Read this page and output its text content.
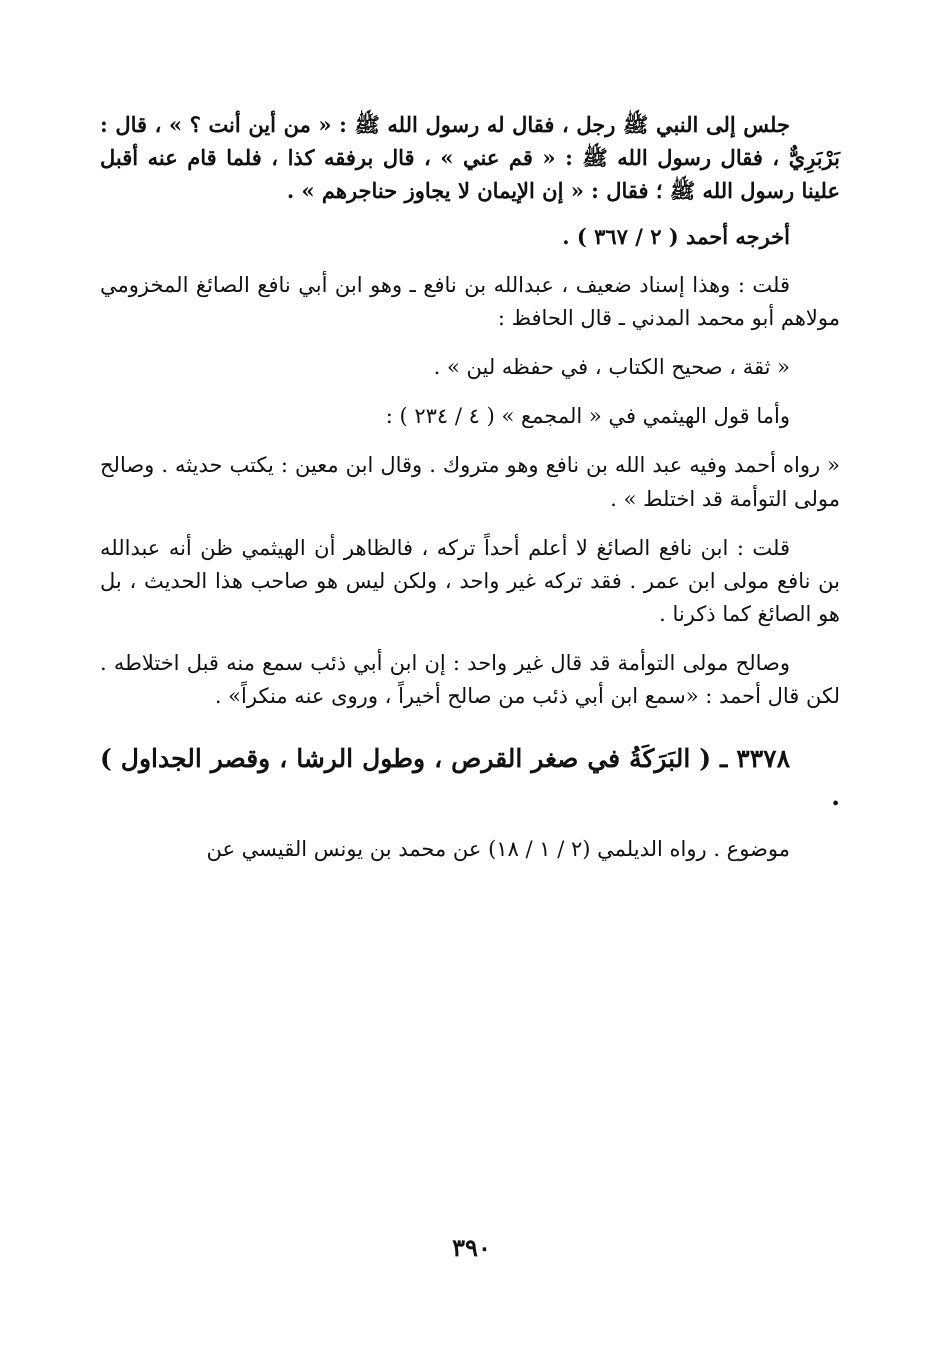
جلس إلى النبي ﷺ رجل ، فقال له رسول الله ﷺ : « من أين أنت ؟ » ، قال : بَرْبَرِيٌّ ، فقال رسول الله ﷺ : « قم عني » ، قال برفقه كذا ، فلما قام عنه أقبل علينا رسول الله ﷺ ؛ فقال : « إن الإيمان لا يجاوز حناجرهم » .

أخرجه أحمد ( ٢ / ٣٦٧ ) .

قلت : وهذا إسناد ضعيف ، عبدالله بن نافع ـ وهو ابن أبي نافع الصائغ المخزومي مولاهم أبو محمد المدني ـ قال الحافظ :

« ثقة ، صحيح الكتاب ، في حفظه لين » .

وأما قول الهيثمي في « المجمع » ( ٤ / ٢٣٤ ) :

« رواه أحمد وفيه عبد الله بن نافع وهو متروك . وقال ابن معين : يكتب حديثه . وصالح مولى التوأمة قد اختلط » .

قلت : ابن نافع الصائغ لا أعلم أحداً تركه ، فالظاهر أن الهيثمي ظن أنه عبدالله بن نافع مولى ابن عمر . فقد تركه غير واحد ، ولكن ليس هو صاحب هذا الحديث ، بل هو الصائغ كما ذكرنا .

وصالح مولى التوأمة قد قال غير واحد : إن ابن أبي ذئب سمع منه قبل اختلاطه . لكن قال أحمد : «سمع ابن أبي ذئب من صالح أخيراً ، وروى عنه منكراً» .

٣٣٧٨ ـ ( البَرَكَةُ في صغر القرص ، وطول الرشا ، وقصر الجداول ) .

موضوع . رواه الديلمي (٢ / ١ / ١٨) عن محمد بن يونس القيسي عن

٣٩٠
